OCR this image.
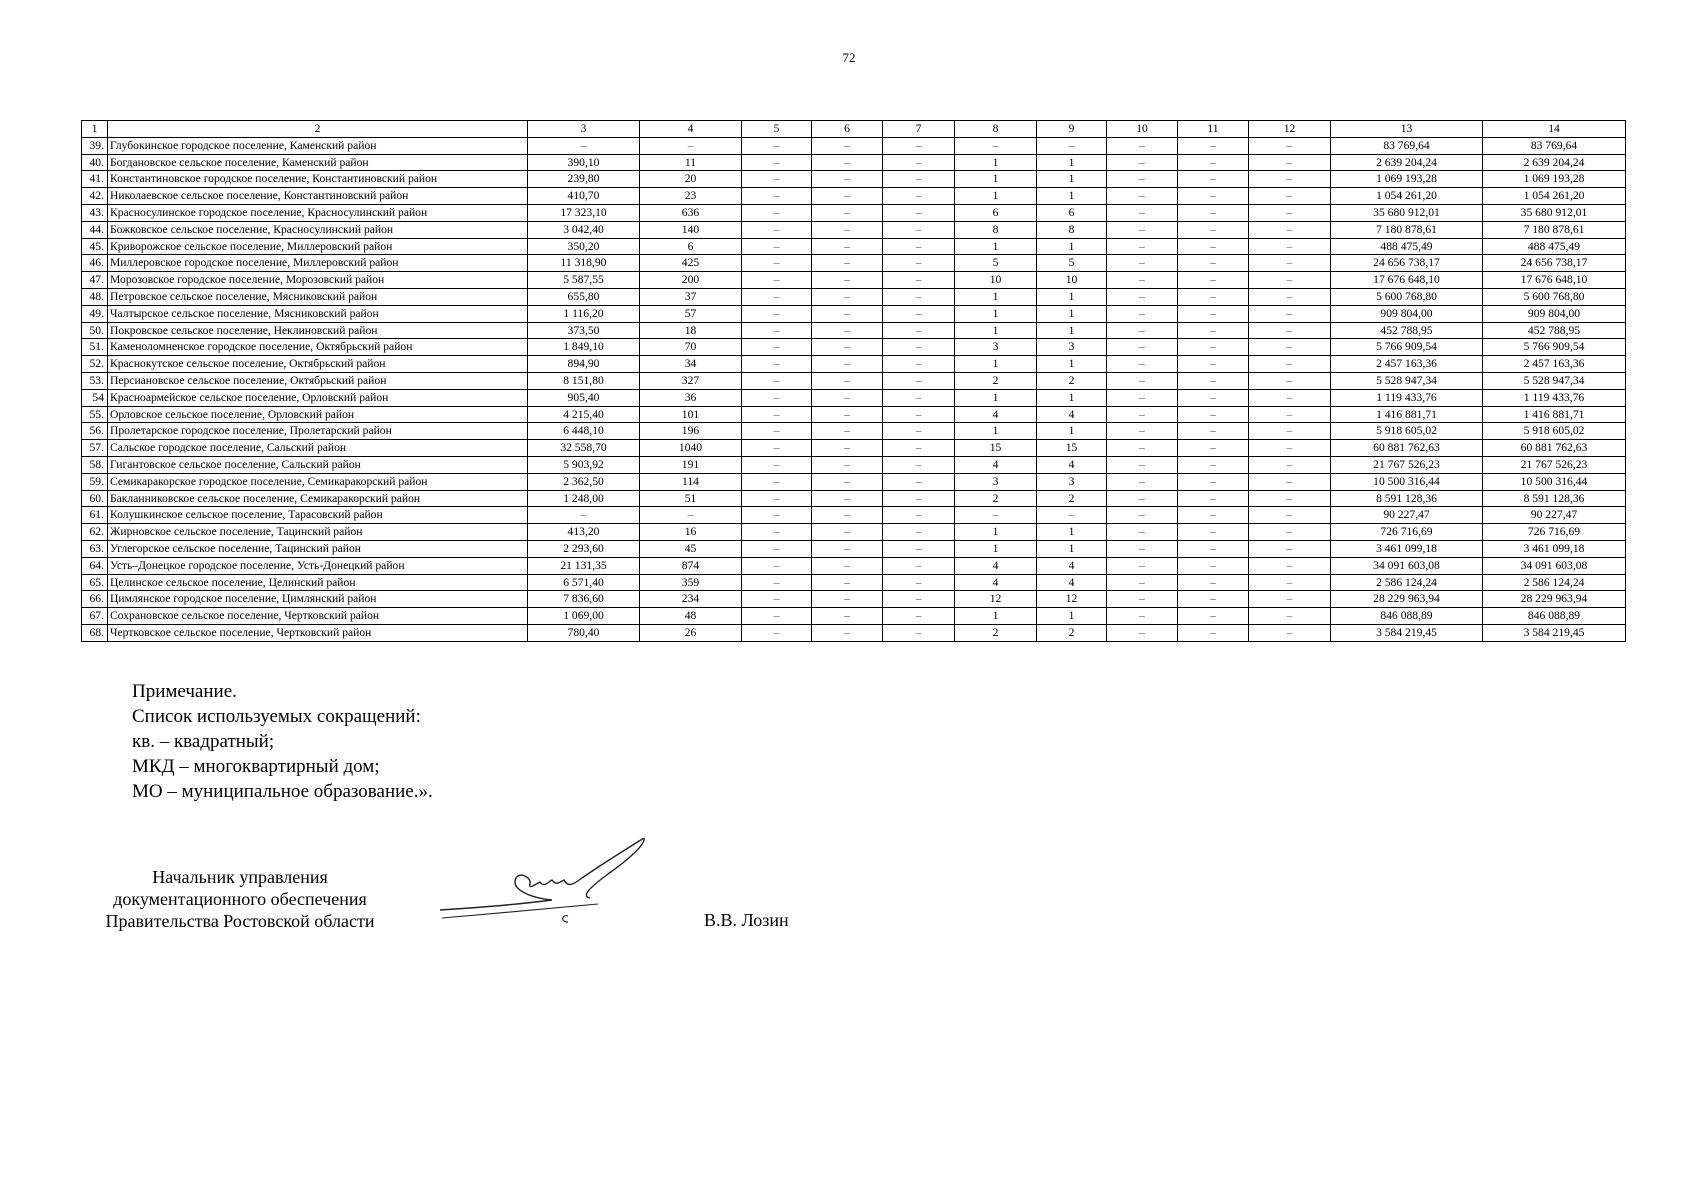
72
1	2	3	4	5	6	7	8	9	10	11	12	13	14
39.	Глубокинское городское поселение, Каменский район	–	–	–	–	–	–	–	–	–	–	83 769,64	83 769,64
40.	Богдановское сельское поселение, Каменский район	390,10	11	–	–	–	1	1	–	–	–	2 639 204,24	2 639 204,24
41.	Константиновское городское поселение, Константиновский район	239,80	20	–	–	–	1	1	–	–	–	1 069 193,28	1 069 193,28
42.	Николаевское сельское поселение, Константиновский район	410,70	23	–	–	–	1	1	–	–	–	1 054 261,20	1 054 261,20
43.	Красносулинское городское поселение, Красносулинский район	17 323,10	636	–	–	–	6	6	–	–	–	35 680 912,01	35 680 912,01
44.	Божковское сельское поселение, Красносулинский район	3 042,40	140	–	–	–	8	8	–	–	–	7 180 878,61	7 180 878,61
45.	Криворожское сельское поселение, Миллеровский район	350,20	6	–	–	–	1	1	–	–	–	488 475,49	488 475,49
46.	Миллеровское городское поселение, Миллеровский район	11 318,90	425	–	–	–	5	5	–	–	–	24 656 738,17	24 656 738,17
47.	Морозовское городское поселение, Морозовский район	5 587,55	200	–	–	–	10	10	–	–	–	17 676 648,10	17 676 648,10
48.	Петровское сельское поселение, Мясниковский район	655,80	37	–	–	–	1	1	–	–	–	5 600 768,80	5 600 768,80
49.	Чалтырское сельское поселение, Мясниковский район	1 116,20	57	–	–	–	1	1	–	–	–	909 804,00	909 804,00
50.	Покровское сельское поселение, Неклиновский район	373,50	18	–	–	–	1	1	–	–	–	452 788,95	452 788,95
51.	Каменоломненское городское поселение, Октябрьский район	1 849,10	70	–	–	–	3	3	–	–	–	5 766 909,54	5 766 909,54
52.	Краснокутское сельское поселение, Октябрьский район	894,90	34	–	–	–	1	1	–	–	–	2 457 163,36	2 457 163,36
53.	Персиановское сельское поселение, Октябрьский район	8 151,80	327	–	–	–	2	2	–	–	–	5 528 947,34	5 528 947,34
54	Красноармейское сельское поселение, Орловский район	905,40	36	–	–	–	1	1	–	–	–	1 119 433,76	1 119 433,76
55.	Орловское сельское поселение, Орловский район	4 215,40	101	–	–	–	4	4	–	–	–	1 416 881,71	1 416 881,71
56.	Пролетарское городское поселение, Пролетарский район	6 448,10	196	–	–	–	1	1	–	–	–	5 918 605,02	5 918 605,02
57.	Сальское городское поселение, Сальский район	32 558,70	1040	–	–	–	15	15	–	–	–	60 881 762,63	60 881 762,63
58.	Гигантовское сельское поселение, Сальский район	5 903,92	191	–	–	–	4	4	–	–	–	21 767 526,23	21 767 526,23
59.	Семикаракорское городское поселение, Семикаракорский район	2 362,50	114	–	–	–	3	3	–	–	–	10 500 316,44	10 500 316,44
60.	Бакланниковское сельское поселение, Семикаракорский район	1 248,00	51	–	–	–	2	2	–	–	–	8 591 128,36	8 591 128,36
61.	Колушкинское сельское поселение, Тарасовский район	–	–	–	–	–	–	–	–	–	–	90 227,47	90 227,47
62.	Жирновское сельское поселение, Тацинский район	413,20	16	–	–	–	1	1	–	–	–	726 716,69	726 716,69
63.	Углегорское сельское поселение, Тацинский район	2 293,60	45	–	–	–	1	1	–	–	–	3 461 099,18	3 461 099,18
64.	Усть–Донецкое городское поселение, Усть-Донецкий район	21 131,35	874	–	–	–	4	4	–	–	–	34 091 603,08	34 091 603,08
65.	Целинское сельское поселение, Целинский район	6 571,40	359	–	–	–	4	4	–	–	–	2 586 124,24	2 586 124,24
66.	Цимлянское городское поселение, Цимлянский район	7 836,60	234	–	–	–	12	12	–	–	–	28 229 963,94	28 229 963,94
67.	Сохрановское сельское поселение, Чертковский район	1 069,00	48	–	–	–	1	1	–	–	–	846 088,89	846 088,89
68.	Чертковское сельское поселение, Чертковский район	780,40	26	–	–	–	2	2	–	–	–	3 584 219,45	3 584 219,45
Примечание.
Список используемых сокращений:
кв. – квадратный;
МКД – многоквартирный дом;
МО – муниципальное образование.».
Начальник управления
документационного обеспечения
Правительства Ростовской области	В.В. Лозин
